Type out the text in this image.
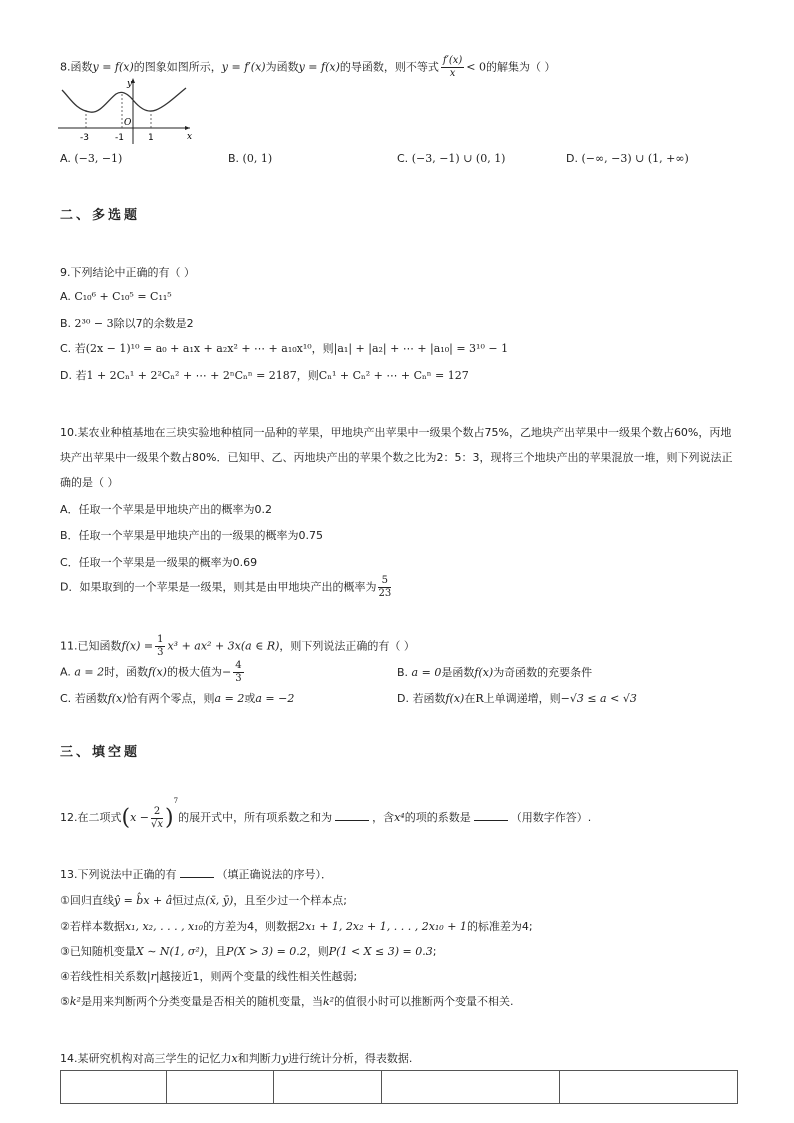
8.函数y = f(x)的图象如图所示，y = f′(x)为函数y = f(x)的导函数，则不等式 $\frac{f'(x)}{x} < 0$的解集为（ ）
y
x
O
-3	-1	1
A. (−3, −1)	B. (0, 1)	C. (−3, −1) ∪ (0, 1)	D. (−∞, −3) ∪ (1, +∞)
二、多选题
9.下列结论中正确的有（ ）
A. C₁₀⁶ + C₁₀⁵ = C₁₁⁵
B. 2³⁰ − 3除以7的余数是2
C. 若(2x − 1)¹⁰ = a₀ + a₁x + a₂x² + ⋯ + a₁₀x¹⁰，则|a₁| + |a₂| + ⋯ + |a₁₀| = 3¹⁰ − 1
D. 若1 + 2Cₙ¹ + 2²Cₙ² + ⋯ + 2ⁿCₙⁿ = 2187，则Cₙ¹ + Cₙ² + ⋯ + Cₙⁿ = 127
10.某农业种植基地在三块实验地种植同一品种的苹果，甲地块产出苹果中一级果个数占75%，乙地块产出苹果中一级果个数占60%，丙地
块产出苹果中一级果个数占80%．已知甲、乙、丙地块产出的苹果个数之比为2：5：3，现将三个地块产出的苹果混放一堆，则下列说法正
确的是（ ）
A．任取一个苹果是甲地块产出的概率为0.2
B．任取一个苹果是甲地块产出的一级果的概率为0.75
C．任取一个苹果是一级果的概率为0.69
D．如果取到的一个苹果是一级果，则其是由甲地块产出的概率为 $\frac{5}{23}$
11.已知函数$f(x) = \frac{1}{3} x^3 + ax^2 + 3x(a$ ∈ R)，则下列说法正确的有（ ）
A. a = 2时，函数f(x)的极大值为− $\frac{4}{3}$	B. a = 0是函数f(x)为奇函数的充要条件
C. 若函数f(x)恰有两个零点，则a = 2或a = −2	D. 若函数f(x)在R上单调递增，则−√3 ≤ a < √3
三、填空题
12.在二项式$(x - \frac{2}{√x} )^7$的展开式中，所有项系数之和为	，含x⁴的项的系数是	（用数字作答）.
13.下列说法中正确的有	（填正确说法的序号）．
①回归直线ŷ = b̂x + â恒过点(x̄, ȳ)，且至少过一个样本点;
②若样本数据x₁, x₂, . . . , x₁₀的方差为4，则数据2x₁ + 1, 2x₂ + 1, . . . , 2x₁₀ + 1的标准差为4;
③已知随机变量X ∼ N(1, σ²)，且P(X > 3) = 0.2，则P(1 < X ≤ 3) = 0.3;
④若线性相关系数|r|越接近1，则两个变量的线性相关性越弱;
⑤k²是用来判断两个分类变量是否相关的随机变量，当k²的值很小时可以推断两个变量不相关.
14.某研究机构对高三学生的记忆力x和判断力y进行统计分析，得表数据.
